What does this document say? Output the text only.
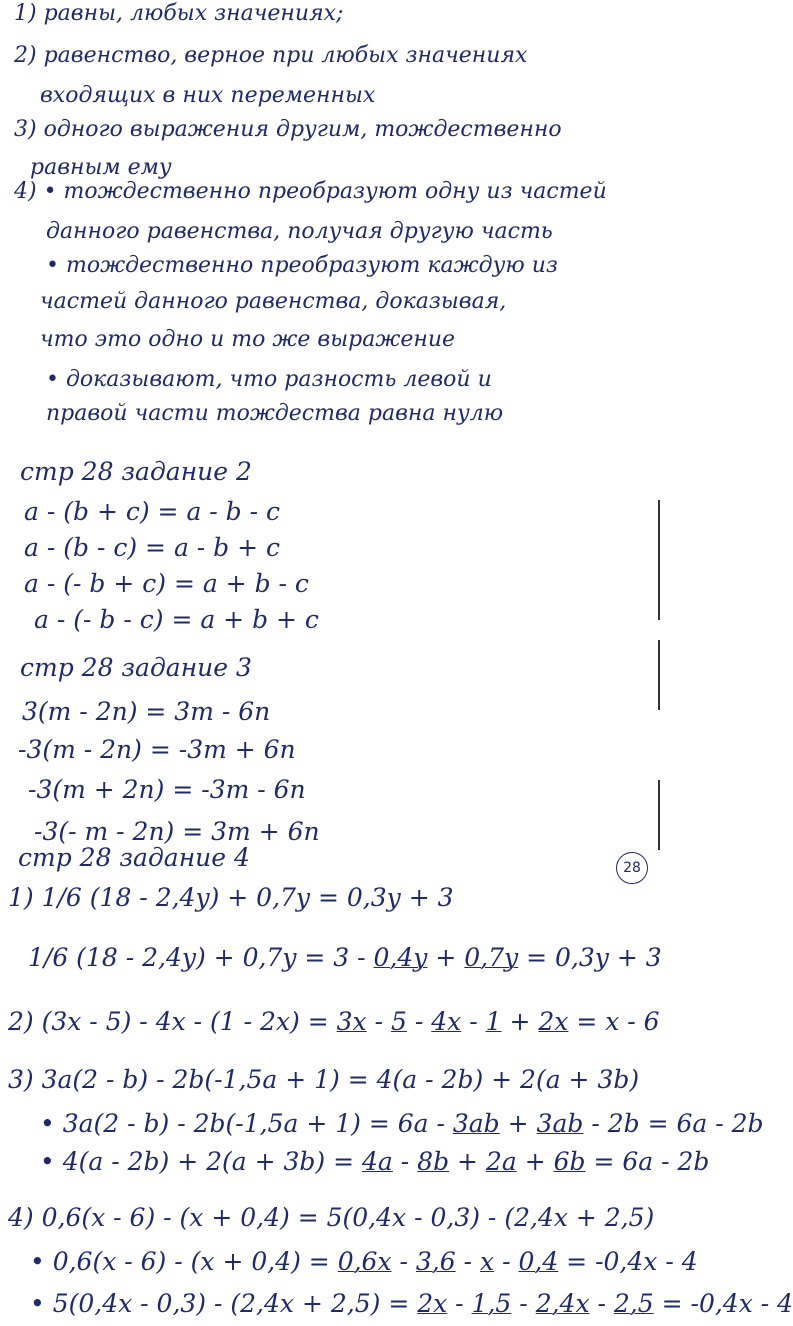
1) равны, любых значениях;
2) равенство, верное при любых значениях
входящих в них переменных
3) одного выражения другим, тождественно
равным ему
4) • тождественно преобразуют одну из частей
данного равенства, получая другую часть
• тождественно преобразуют каждую из
частей данного равенства, доказывая,
что это одно и то же выражение
• доказывают, что разность левой и
правой части тождества равна нулю
стр 28 задание 2
a - (b + c) = a - b - c
a - (b - c) = a - b + c
a - (- b + c) = a + b - c
a - (- b - c) = a + b + c
стр 28 задание 3
3(m - 2n) = 3m - 6n
-3(m - 2n) = -3m + 6n
-3(m + 2n) = -3m - 6n
-3(- m - 2n) = 3m + 6n
стр 28 задание 4	28
1) 1/6 (18 - 2,4y) + 0,7y = 0,3y + 3
1/6 (18 - 2,4y) + 0,7y = 3 - 0,4y + 0,7y = 0,3y + 3
2) (3x - 5) - 4x - (1 - 2x) = 3x - 5 - 4x - 1 + 2x = x - 6
3) 3a(2 - b) - 2b(-1,5a + 1) = 4(a - 2b) + 2(a + 3b)
• 3a(2 - b) - 2b(-1,5a + 1) = 6a - 3ab + 3ab - 2b = 6a - 2b
• 4(a - 2b) + 2(a + 3b) = 4a - 8b + 2a + 6b = 6a - 2b
4) 0,6(x - 6) - (x + 0,4) = 5(0,4x - 0,3) - (2,4x + 2,5)
• 0,6(x - 6) - (x + 0,4) = 0,6x - 3,6 - x - 0,4 = -0,4x - 4
• 5(0,4x - 0,3) - (2,4x + 2,5) = 2x - 1,5 - 2,4x - 2,5 = -0,4x - 4
